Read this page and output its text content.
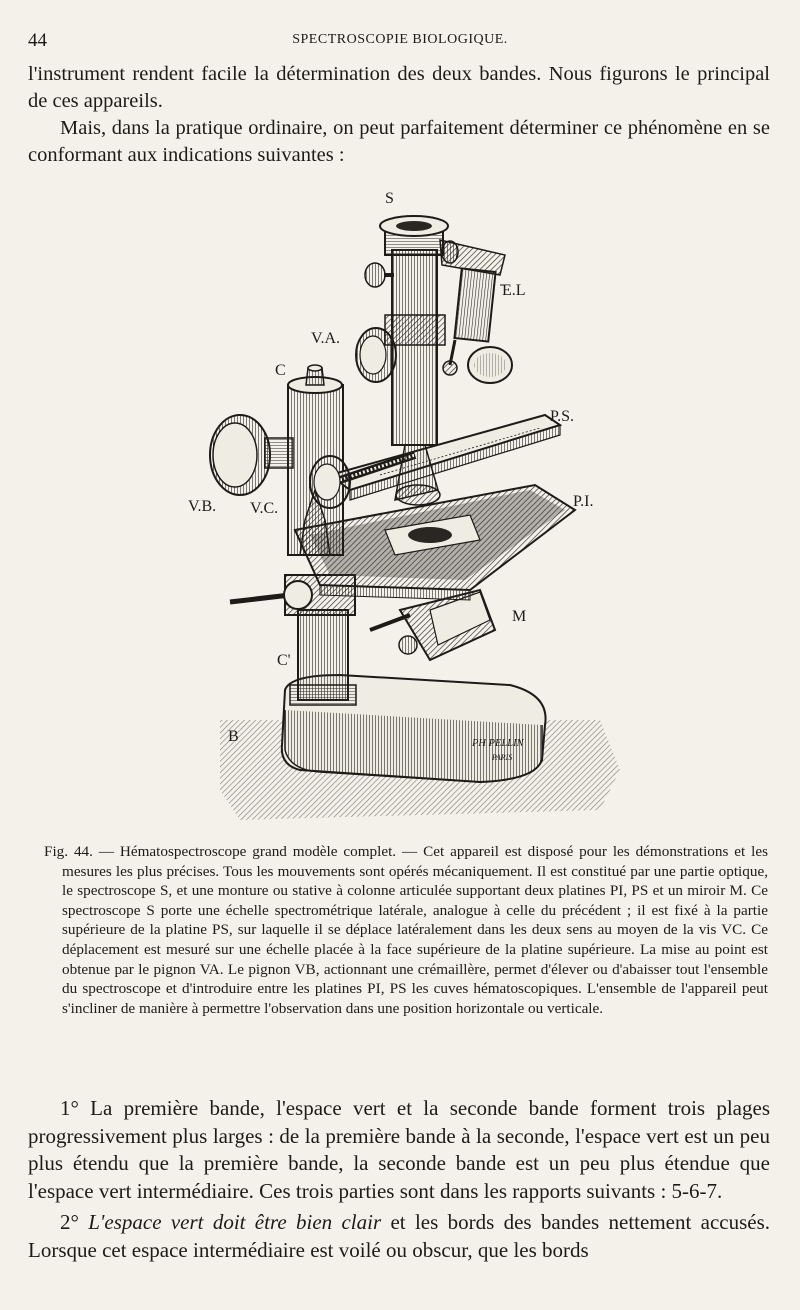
44	SPECTROSCOPIE BIOLOGIQUE.

l'instrument rendent facile la détermination des deux bandes. Nous figurons le principal de ces appareils.

Mais, dans la pratique ordinaire, on peut parfaitement déterminer ce phénomène en se conformant aux indications suivantes :

PH PELLIN
PARIS
S
E.L
V.A.
C
P.S.
V.B. V.C.	P.I.
M
C'
B
Fig. 44. — Hématospectroscope grand modèle complet. — Cet appareil est disposé pour les démonstrations et les mesures les plus précises. Tous les mouvements sont opérés mécaniquement. Il est constitué par une partie optique, le spectroscope S, et une monture ou stative à colonne articulée supportant deux platines PI, PS et un miroir M. Ce spectroscope S porte une échelle spectrométrique latérale, analogue à celle du précédent ; il est fixé à la partie supérieure de la platine PS, sur laquelle il se déplace latéralement dans les deux sens au moyen de la vis VC. Ce déplacement est mesuré sur une échelle placée à la face supérieure de la platine supérieure. La mise au point est obtenue par le pignon VA. Le pignon VB, actionnant une crémaillère, permet d'élever ou d'abaisser tout l'ensemble du spectroscope et d'introduire entre les platines PI, PS les cuves hématoscopiques. L'ensemble de l'appareil peut s'incliner de manière à permettre l'observation dans une position horizontale ou verticale.

1° La première bande, l'espace vert et la seconde bande forment trois plages progressivement plus larges : de la première bande à la seconde, l'espace vert est un peu plus étendu que la première bande, la seconde bande est un peu plus étendue que l'espace vert intermédiaire. Ces trois parties sont dans les rapports suivants : 5-6-7.

2° L'espace vert doit être bien clair et les bords des bandes nettement accusés. Lorsque cet espace intermédiaire est voilé ou obscur, que les bords
